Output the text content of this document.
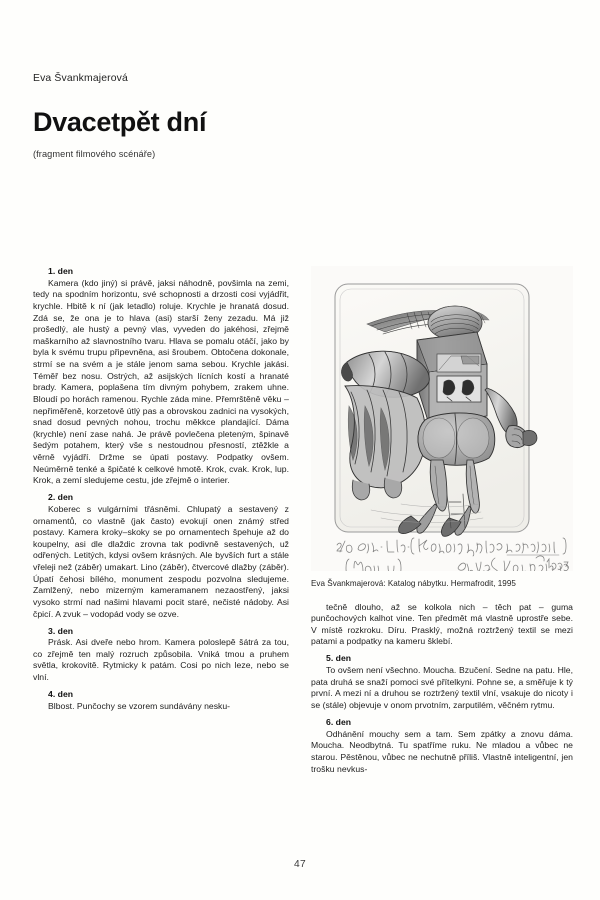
Eva Švankmajerová
Dvacetpět dní
(fragment filmového scénáře)
1. den

Kamera (kdo jiný) si právě, jaksi náhodně, povšimla na zemi, tedy na spodním horizontu, své schopnosti a drzosti cosi vyjádřit, krychle. Hbitě k ní (jak letadlo) roluje. Krychle je hranatá dosud. Zdá se, že ona je to hlava (asi) starší ženy zezadu. Má již prošedlý, ale hustý a pevný vlas, vyveden do jakéhosi, zřejmě maškarního až slavnostního tvaru. Hlava se pomalu otáčí, jako by byla k svému trupu připevněna, asi šroubem. Obtočena dokonale, strmí se na svém a je stále jenom sama sebou. Krychle jakási. Téměř bez nosu. Ostrých, až asijských lícních kostí a hranaté brady. Kamera, poplašena tím divným pohybem, zrakem uhne. Bloudí po horách ramenou. Rychle záda mine. Přemrštěně věku – nepřiměřeně, korzetově útlý pas a obrovskou zadnici na vysokých, snad dosud pevných nohou, trochu měkkce plandající. Dáma (krychle) není zase nahá. Je právě povlečena pleteným, špinavě šedým potahem, který vše s nestoudnou přesností, ztěžkle a věrně vyjádří. Držme se úpati postavy. Podpatky ovšem. Neúměrně tenké a špičaté k celkové hmotě. Krok, cvak. Krok, lup. Krok, a zemí sledujeme cestu, jde zřejmě o interier.

2. den

Koberec s vulgárními třásněmi. Chlupatý a sestavený z ornamentů, co vlastně (jak často) evokují onen známý střed postavy. Kamera kroky–skoky se po ornamentech špehuje až do koupelny, asi dle dlaždic zrovna tak podivně sestavených, už odřených. Letitých, kdysi ovšem krásných. Ale byvších furt a stále vřeleji než (záběr) umakart. Lino (záběr), čtvercové dlažby (záběr). Úpatí čehosi bílého, monument zespodu pozvolna sledujeme. Zamlžený, nebo mizerným kameramanem nezaostřený, jaksi vysoko strmí nad našimi hlavami pocit staré, nečisté nádoby. Asi čpicí. A zvuk – vodopád vody se ozve.

3. den

Prásk. Asi dveře nebo hrom. Kamera poloslepě šátrá za tou, co zřejmě ten malý rozruch způsobila. Vniká tmou a pruhem světla, krokovitě. Rytmicky k patám. Cosi po nich leze, nebo se vlní.

4. den

Blbost. Punčochy se vzorem sundávány nesku-

Eva Švankmajerová: Katalog nábytku. Hermafrodit, 1995

tečně dlouho, až se kolkola nich – těch pat – guma punčochových kalhot vine. Ten předmět má vlastně uprostře sebe. V místě rozkroku. Díru. Prasklý, možná roztržený textil se mezi patami a podpatky na kameru šklebí.

5. den

To ovšem není všechno. Moucha. Bzučení. Sedne na patu. Hle, pata druhá se snaží pomoci své přítelkyni. Pohne se, a směřuje k tý první. A mezi ní a druhou se roztržený textil vlní, vsakuje do nicoty i se (stále) objevuje v onom prvotním, zarputilém, věčném rytmu.

6. den

Odhánění mouchy sem a tam. Sem zpátky a znovu dáma. Moucha. Neodbytná. Tu spatříme ruku. Ne mladou a vůbec ne starou. Pěstěnou, vůbec ne nechutně příliš. Vlastně inteligentní, jen trošku nevkus-

47
